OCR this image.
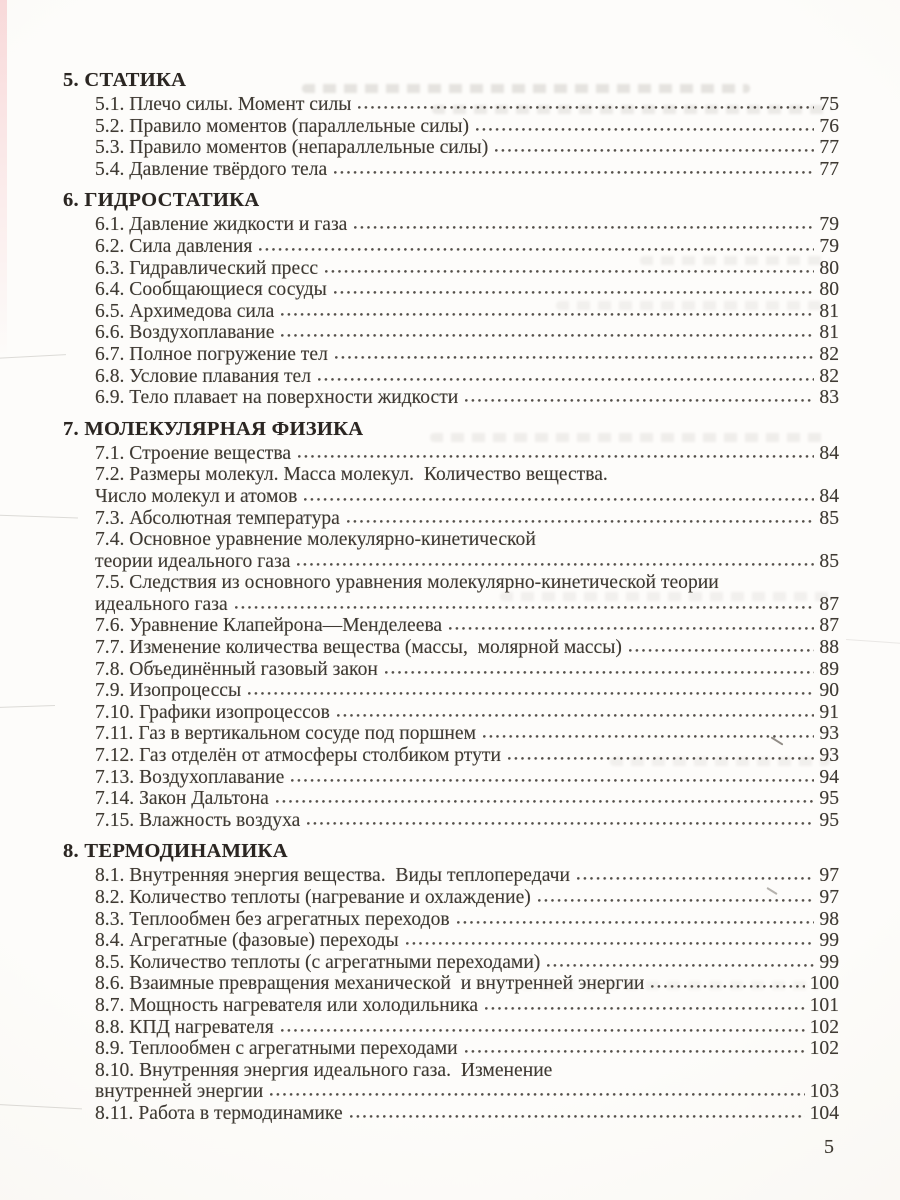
5. СТАТИКА
5.1. Плечо силы. Момент силы	75
5.2. Правило моментов (параллельные силы)	76
5.3. Правило моментов (непараллельные силы)	77
5.4. Давление твёрдого тела	77
6. ГИДРОСТАТИКА
6.1. Давление жидкости и газа	79
6.2. Сила давления	79
6.3. Гидравлический пресс	80
6.4. Сообщающиеся сосуды	80
6.5. Архимедова сила	81
6.6. Воздухоплавание	81
6.7. Полное погружение тел	82
6.8. Условие плавания тел	82
6.9. Тело плавает на поверхности жидкости	83
7. МОЛЕКУЛЯРНАЯ ФИЗИКА
7.1. Строение вещества	84
7.2. Размеры молекул. Масса молекул.  Количество вещества.
Число молекул и атомов	84
7.3. Абсолютная температура	85
7.4. Основное уравнение молекулярно-кинетической
теории идеального газа	85
7.5. Следствия из основного уравнения молекулярно-кинетической теории
идеального газа	87
7.6. Уравнение Клапейрона—Менделеева	87
7.7. Изменение количества вещества (массы,  молярной массы)	88
7.8. Объединённый газовый закон	89
7.9. Изопроцессы	90
7.10. Графики изопроцессов	91
7.11. Газ в вертикальном сосуде под поршнем	93
7.12. Газ отделён от атмосферы столбиком ртути	93
7.13. Воздухоплавание	94
7.14. Закон Дальтона	95
7.15. Влажность воздуха	95
8. ТЕРМОДИНАМИКА
8.1. Внутренняя энергия вещества.  Виды теплопередачи	97
8.2. Количество теплоты (нагревание и охлаждение)	97
8.3. Теплообмен без агрегатных переходов	98
8.4. Агрегатные (фазовые) переходы	99
8.5. Количество теплоты (с агрегатными переходами)	99
8.6. Взаимные превращения механической  и внутренней энергии	100
8.7. Мощность нагревателя или холодильника	101
8.8. КПД нагревателя	102
8.9. Теплообмен с агрегатными переходами	102
8.10. Внутренняя энергия идеального газа.  Изменение
внутренней энергии	103
8.11. Работа в термодинамике	104
5
